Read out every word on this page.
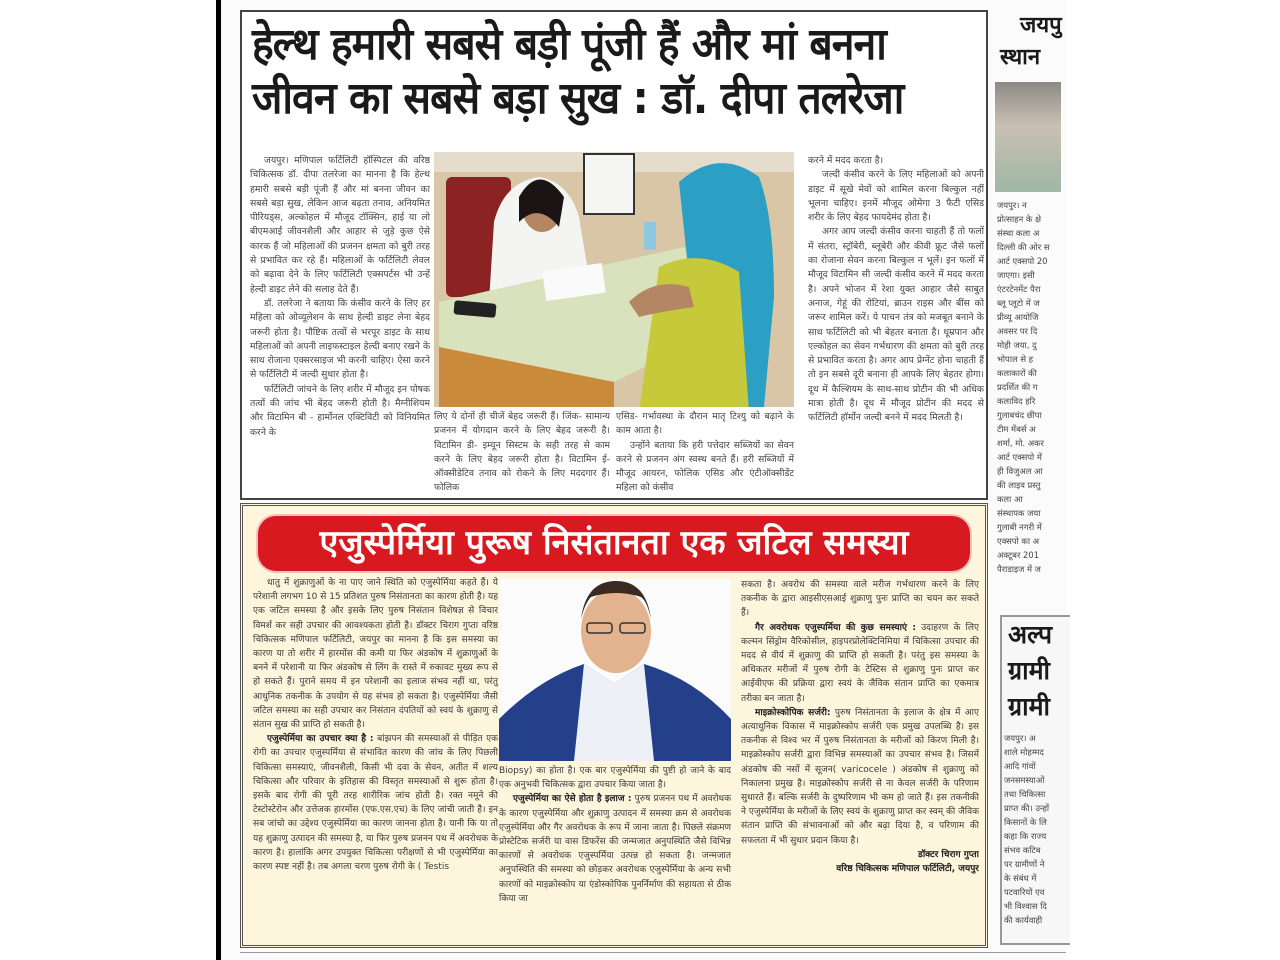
हेल्थ हमारी सबसे बड़ी पूंजी हैं और मां बनना
जीवन का सबसे बड़ा सुख : डॉ. दीपा तलरेजा

जयपुर। मणिपाल फर्टिलिटी हॉस्पिटल की वरिष्ठ चिकित्सक डॉ. दीपा तलरेजा का मानना है कि हेल्थ हमारी सबसे बड़ी पूंजी हैं और मां बनना जीवन का सबसे बड़ा सुख, लेकिन आज बढ़ता तनाव, अनियमित पीरियड्स, अल्कोहल में मौजूद टॉक्सिन, हाई या लो बीएमआई जीवनशैली और आहार से जुड़े कुछ ऐसे कारक हैं जो महिलाओं की प्रजनन क्षमता को बुरी तरह से प्रभावित कर रहे हैं। महिलाओं के फर्टिलिटी लेवल को बढ़ावा देने के लिए फर्टिलिटी एक्सपर्टस भी उन्हें हेल्दी डाइट लेने की सलाह देते हैं।

डॉ. तलरेजा ने बताया कि कंसीव करने के लिए हर महिला को ओव्यूलेशन के साथ हेल्दी डाइट लेना बेहद जरूरी होता है। पौष्टिक तत्वों से भरपूर डाइट के साथ महिलाओं को अपनी लाइफस्टाइल हेल्दी बनाए रखने के साथ रोजाना एक्सरसाइज भी करनी चाहिए। ऐसा करने से फर्टिलिटी में जल्दी सुधार होता है।

फर्टिलिटी जांचने के लिए शरीर में मौजूद इन पोषक तत्वों की जांच भी बेहद जरूरी होती है। मैग्नीशियम और विटामिन बी - हार्मोनल एक्टिविटी को विनियमित करने के

लिए ये दोनों ही चीजें बेहद जरूरी हैं। जिंक- सामान्य प्रजनन में योगदान करने के लिए बेहद जरूरी है। विटामिन डी- इम्यून सिस्टम के सही तरह से काम करने के लिए बेहद जरूरी होता है। विटामिन ई- ऑक्सीडेटिव तनाव को रोकने के लिए मददगार हैं। फोलिक

एसिड- गर्भावस्था के दौरान मातृ टिश्यु को बढ़ाने के काम आता है।

उन्होंने बताया कि हरी पत्तेदार सब्जियों का सेवन करने से प्रजनन अंग स्वस्थ बनते हैं। हरी सब्जियों में मौजूद आयरन, फोलिक एसिड और एंटीऑक्सीडेंट महिला को कंसीव

करने में मदद करता है।

जल्दी कंसीव करने के लिए महिलाओं को अपनी डाइट में सूखे मेवों को शामिल करना बिल्कुल नहीं भूलना चाहिए। इनमें मौजूद ओमेगा 3 फैटी एसिड शरीर के लिए बेहद फायदेमंद होता है।

अगर आप जल्दी कंसीव करना चाहती हैं तो फलों में संतरा, स्ट्रॉबेरी, ब्लूबेरी और कीवी फ्रूट जैसे फलों का रोजाना सेवन करना बिल्कुल न भूलें। इन फलों में मौजूद विटामिन सी जल्दी कंसीव करने में मदद करता है। अपने भोजन में रेशा युक्त आहार जैसे साबुत अनाज, गेहूं की रोटियां, ब्राउन राइस और बींस को जरूर शामिल करें। ये पाचन तंत्र को मजबूत बनाने के साथ फर्टिलिटी को भी बेहतर बनाता है। धूम्रपान और एल्कोहल का सेवन गर्भधारण की क्षमता को बुरी तरह से प्रभावित करता है। अगर आप प्रेग्नेंट होना चाहती हैं तो इन सबसे दूरी बनाना ही आपके लिए बेहतर होगा। दूध में कैल्शियम के साथ-साथ प्रोटीन की भी अधिक मात्रा होती है। दूध में मौजूद प्रोटीन की मदद से फर्टिलिटी हॉर्मोन जल्दी बनने में मदद मिलती है।

एजुस्पेर्मिया पुरूष निसंतानता एक जटिल समस्या

धातु में शुक्राणुओं के ना पाए जाने स्थिति को एजुस्पेर्मिया कहते हैं। ये परेशानी लगभग 10 से 15 प्रतिशत पुरुष निसंतानता का कारण होती है। यह एक जटिल समस्या है और इसके लिए पुरुष निसंतान विशेषज्ञ से विचार विमर्श कर सही उपचार की आवश्यकता होती है। डॉक्टर चिराग गुप्ता वरिष्ठ चिकित्सक मणिपाल फर्टिलिटी, जयपुर का मानना है कि इस समस्या का कारण या तो शरीर में हारमोंस की कमी या फिर अंडकोष में शुक्राणुओं के बनने में परेशानी या फिर अंडकोष से लिंग के रास्ते में रुकावट मुख्य रूप से हो सकते हैं। पुराने समय में इन परेशानी का इलाज संभव नहीं था, परंतु आधुनिक तकनीक के उपयोग से यह संभव हो सकता है। एजुस्पेर्मिया जैसी जटिल समस्या का सही उपचार कर निसंतान दंपतियों को स्वयं के शुक्राणु से संतान सुख की प्राप्ति हो सकती है।

एजुस्पेर्मिया का उपचार क्या है : बांझपन की समस्याओं से पीड़ित एक रोगी का उपचार एजुस्पर्मिया से संभावित कारण की जांच के लिए पिछली चिकित्सा समस्याएं, जीवनशैली, किसी भी दवा के सेवन, अतीत में शल्य चिकित्सा और परिवार के इतिहास की विस्तृत समस्याओं से शुरू होता है। इसके बाद रोगी की पूरी तरह शारीरिक जांच होती है। रक्त नमूने की टेस्टोस्टेरोन और उत्तेजक हारमोंस (एफ.एस.एच) के लिए जांची जाती है। इन सब जांचो का उद्देश्य एजुस्पेर्मिया का कारण जानना होता है। यानी कि या तो यह शुक्राणु उत्पादन की समस्या है, या फिर पुरुष प्रजनन पथ में अवरोधक के कारण है। हालांकि अगर उपयुक्त चिकित्सा परीक्षणों से भी एजुस्पेर्मिया का कारण स्पष्ट नहीं है। तब अगला चरण पुरुष रोगी के ( Testis

Biopsy) का होता है। एक बार एजुस्पेर्मिया की पुष्टी हो जाने के बाद एक अनुभवी चिकित्सक द्वारा उपचार किया जाता है।

एजुस्पेर्मिया का ऐसे होता है इलाज : पुरुष प्रजनन पथ में अवरोधक के कारण एजुस्पेर्मिया और शुक्राणु उत्पादन में समस्या क्रम से अवरोधक एजुस्पेर्मिया और गैर अवरोधक के रूप में जाना जाता है। पिछले संक्रमण प्रोस्टेटिक सर्जरी या वास डिफरेंस की जन्मजात अनुपस्थिति जैसे विभिन्न कारणों से अवरोधक एजुस्पर्मिया उत्पन्न हो सकता है। जन्मजात अनुपस्थिति की समस्या को छोड़कर अवरोधक एजुस्पेर्मिया के अन्य सभी कारणों को माइक्रोस्कोप या एंडोस्कोपिक पुनर्निर्माण की सहायता से ठीक किया जा

सकता है। अवरोध की समस्या वाले मरीज गर्भधारण करने के लिए तकनीक के द्वारा आइसीएसआई शुक्राणु पुनः प्राप्ति का चयन कर सकते हैं।

गैर अवरोधक एजुस्पर्मिया की कुछ समस्याएं : उदाहरण के लिए कल्मन सिंड्रोम वैरिकोसील, हाइपरप्रोलेक्टिनिमिया में चिकित्सा उपचार की मदद से वीर्य में शुक्राणु की प्राप्ति हो सकती है। परंतु इस समस्या के अधिकतर मरीजों में पुरुष रोगी के टेस्टिस से शुक्राणु पुनः प्राप्त कर आईवीएफ की प्रक्रिया द्वारा स्वयं के जैविक संतान प्राप्ति का एकमात्र तरीका बन जाता है।

माइक्रोस्कोपिक सर्जरी: पुरुष निसंतानता के इलाज के क्षेत्र में आए अत्याधुनिक विकास में माइक्रोस्कोप सर्जरी एक प्रमुख उपलब्धि है। इस तकनीक से विश्व भर में पुरुष निसंतानता के मरीजों को किरण मिली है। माइक्रोस्कोप सर्जरी द्वारा विभिन्न समस्याओं का उपचार संभव है। जिसमें अंडकोष की नसों में सूजन( varicocele ) अंडकोष से शुक्राणु को निकालना प्रमुख है। माइक्रोस्कोप सर्जरी से ना केवल सर्जरी के परिणाम सुधारते हैं। बल्कि सर्जरी के दुष्परिणाम भी कम हो जाते हैं। इस तकनीकी ने एजुस्पेर्मिया के मरीजों के लिए स्वयं के शुक्राणु प्राप्त कर स्वम् की जैविक संतान प्राप्ति की संभावनाओं को और बढ़ा दिया है, व परिणाम की सफलता में भी सुधार प्रदान किया है।

डॉक्टर चिराग गुप्ता

वरिष्ठ चिकित्सक मणिपाल फर्टिलिटी, जयपुर

जयपु
स्थान
जयपुर। न
प्रोत्साहन के क्षे
संस्था कला अ
दिल्ली की ओर स
आर्ट एक्सपो 20
जाएगा। इसी
एंटरटेनमेंट पैरा
ब्लू प्लूटो में ज
प्रीव्यू आयोजि
अवसर पर दि
मोही जया, दु
भोपाल से ह
कलाकारों की
प्रदर्शित की ग
कलाविद हरि
गुलाबचंद छीपा
टीम मेंबर्स अ
शर्मा, मो. अकर
आर्ट एक्सपो में
ही विजुअल आ
की लाइव प्रस्तु
कला आ
संस्थापक जया
गुलाबी नगरी में
एक्सपो का अ
अक्टूबर 201
पैराडाइज में ज
अल्प
ग्रामी
ग्रामी
जयपुर। अ
शाले मोहम्मद
आदि गांवों
जनसमस्याओं
तथा चिकित्सा
प्राप्त की। उन्हों
किसानों के लि
कहा कि राज्य
संभव कटिब
पर ग्रामीणों ने
के संबंध में
पटवारियों एव
भी विश्वास दि
की कार्यवाही
